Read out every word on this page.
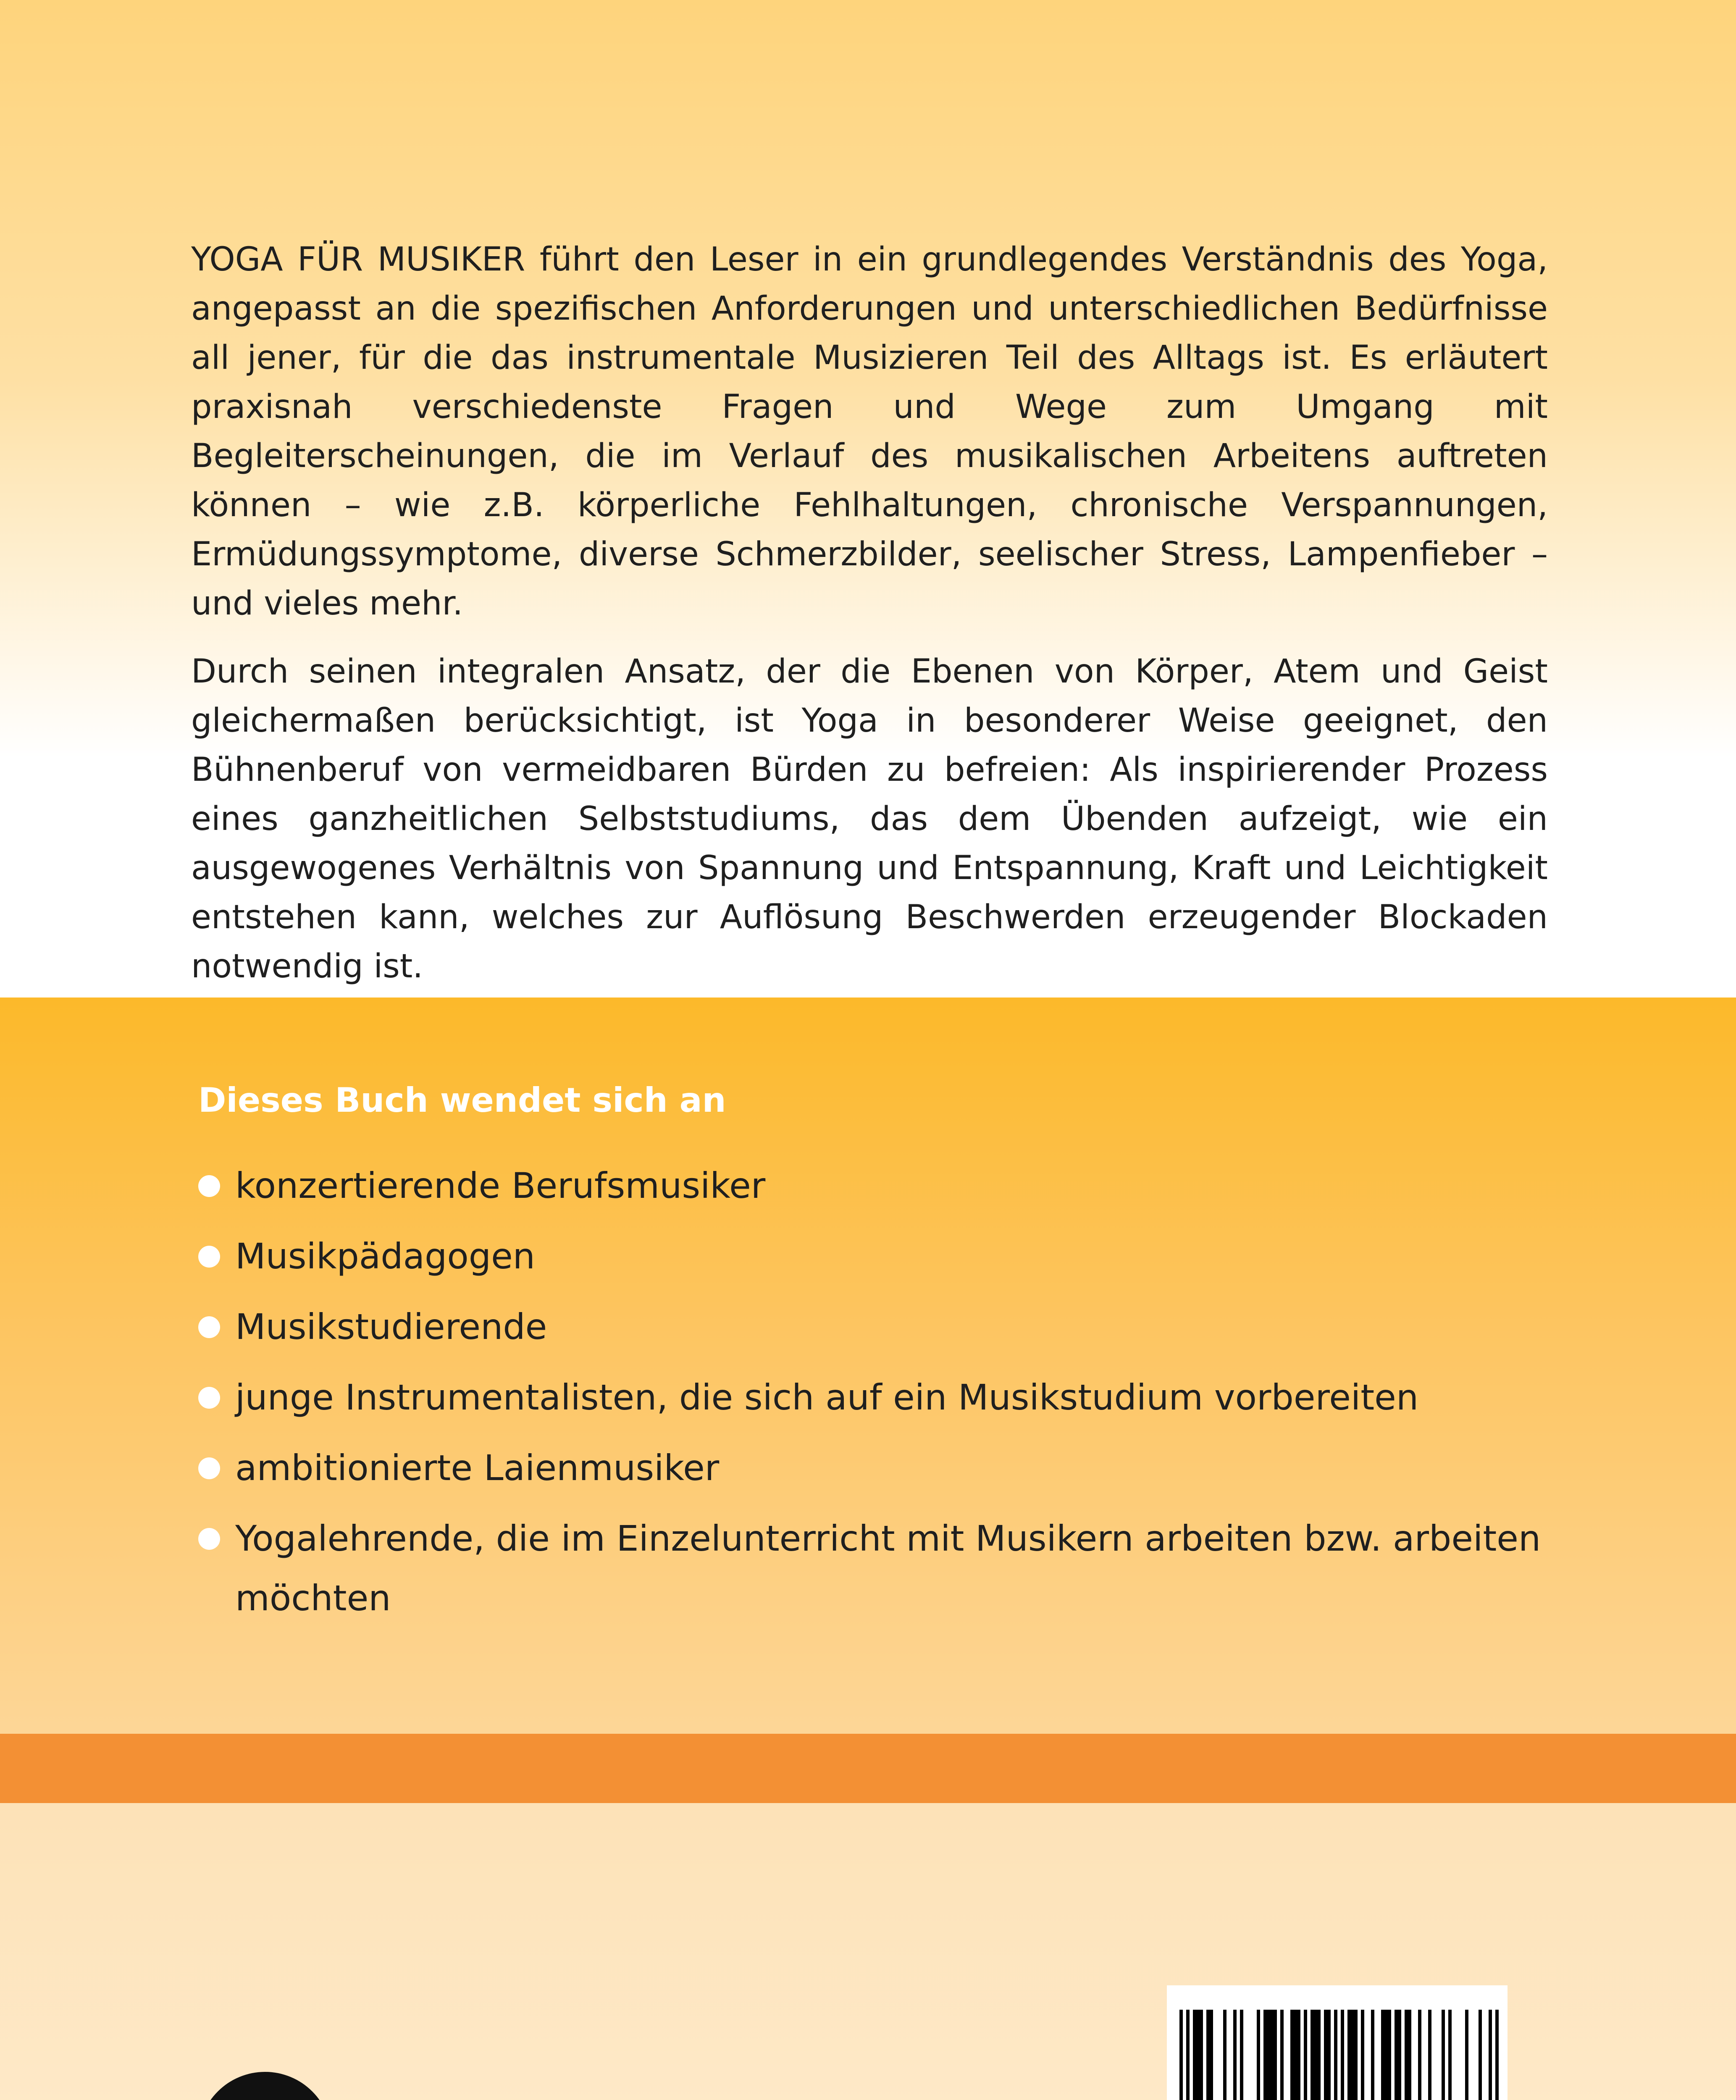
YOGA FÜR MUSIKER führt den Leser in ein grundlegendes Verständnis des Yoga, angepasst an die spezifischen Anforderungen und unterschiedlichen Bedürfnisse all jener, für die das instrumentale Musizieren Teil des Alltags ist. Es erläutert praxisnah verschiedenste Fragen und Wege zum Umgang mit Begleiterscheinungen, die im Verlauf des musikalischen Arbeitens auftreten können – wie z.B. körperliche Fehlhaltungen, chronische Verspannungen, Ermüdungssymptome, diverse Schmerzbilder, seelischer Stress, Lampenfieber – und vieles mehr.

Durch seinen integralen Ansatz, der die Ebenen von Körper, Atem und Geist gleichermaßen berücksichtigt, ist Yoga in besonderer Weise geeignet, den Bühnenberuf von vermeidbaren Bürden zu befreien: Als inspirierender Prozess eines ganzheitlichen Selbststudiums, das dem Übenden aufzeigt, wie ein ausgewogenes Verhältnis von Spannung und Entspannung, Kraft und Leichtigkeit entstehen kann, welches zur Auflösung Beschwerden erzeugender Blockaden notwendig ist.

Dieses Buch wendet sich an
konzertierende Berufsmusiker
Musikpädagogen
Musikstudierende
junge Instrumentalisten, die sich auf ein Musikstudium vorbereiten
ambitionierte Laienmusiker
Yogalehrende, die im Einzelunterricht mit Musikern arbeiten bzw. arbeiten möchten
